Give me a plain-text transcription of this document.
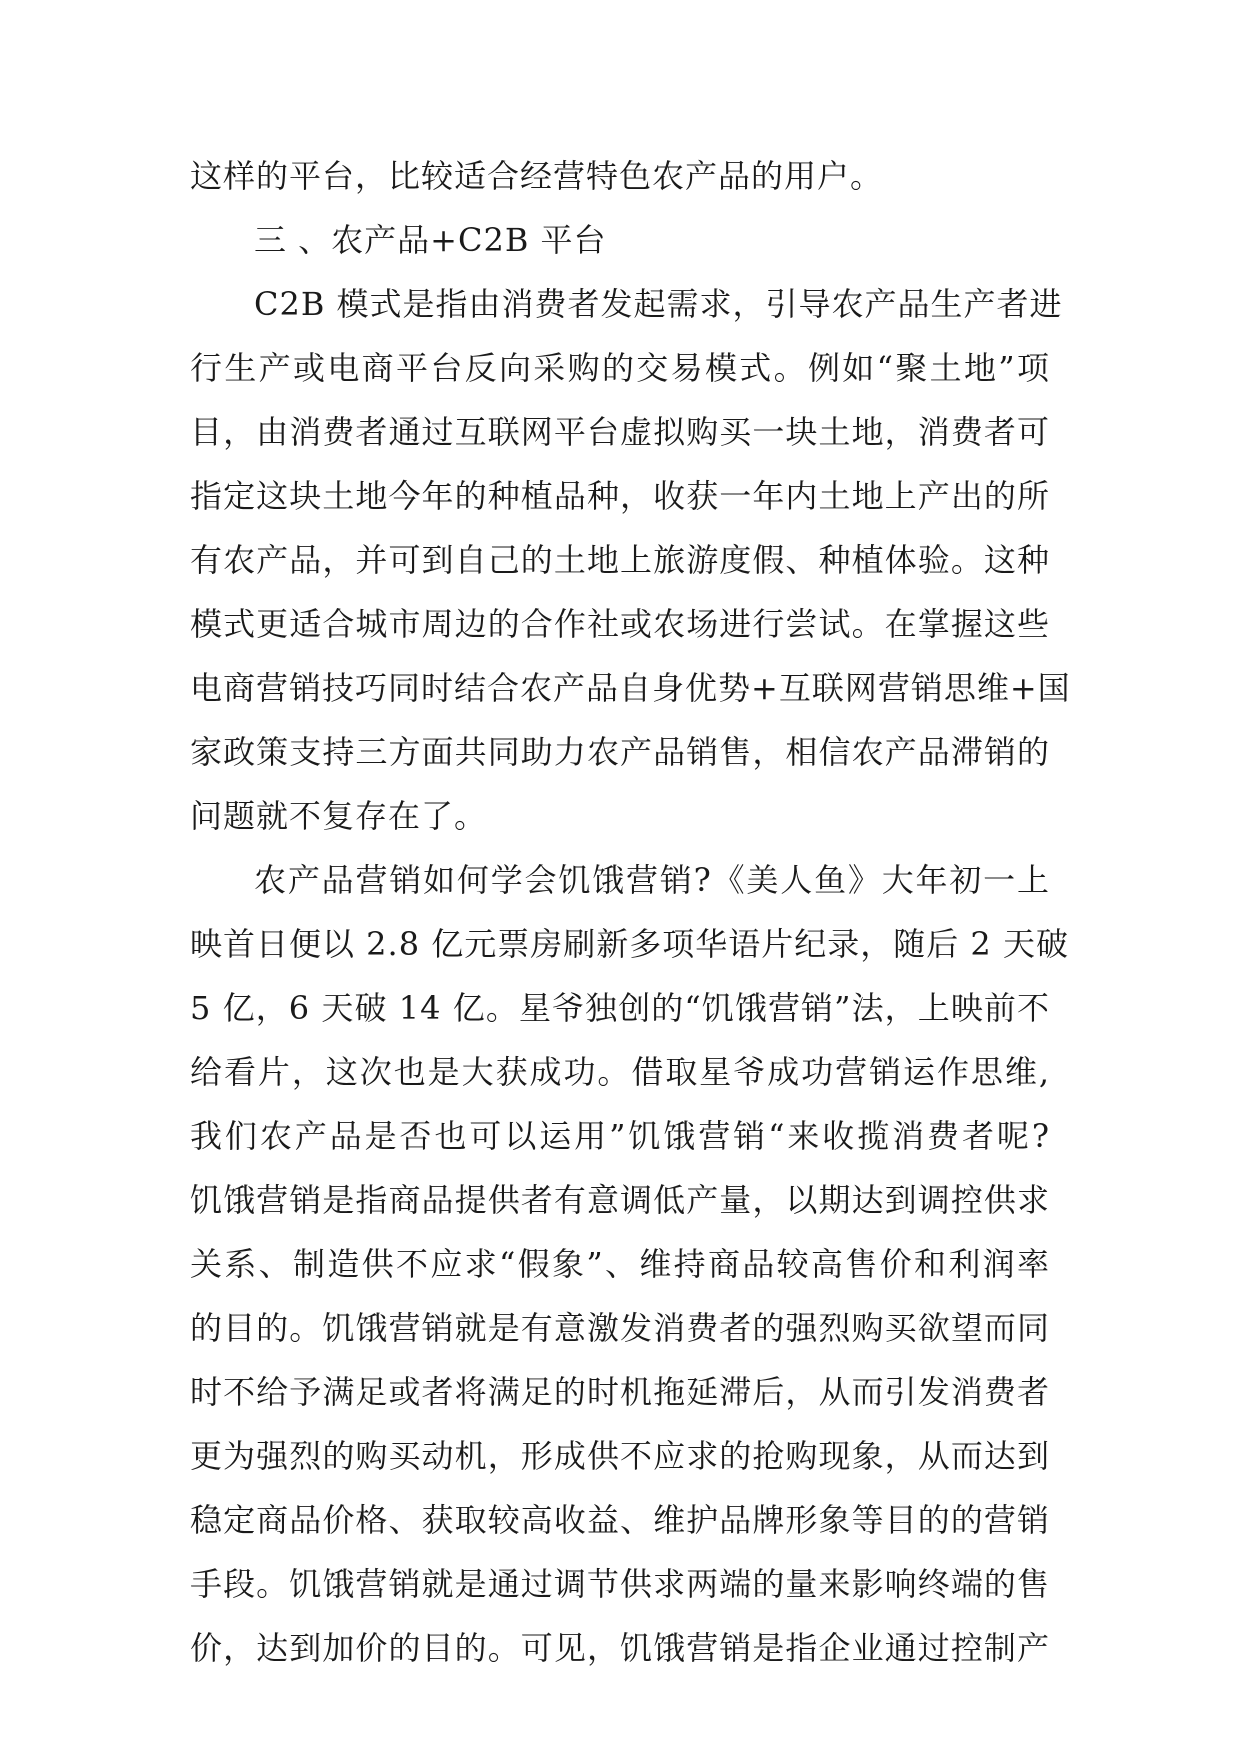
这样的平台，比较适合经营特色农产品的用户。
三 、农产品+C2B 平台
C2B 模式是指由消费者发起需求，引导农产品生产者进
行生产或电商平台反向采购的交易模式。例如“聚土地”项
目，由消费者通过互联网平台虚拟购买一块土地，消费者可
指定这块土地今年的种植品种，收获一年内土地上产出的所
有农产品，并可到自己的土地上旅游度假、种植体验。这种
模式更适合城市周边的合作社或农场进行尝试。在掌握这些
电商营销技巧同时结合农产品自身优势+互联网营销思维+国
家政策支持三方面共同助力农产品销售，相信农产品滞销的
问题就不复存在了。
农产品营销如何学会饥饿营销?《美人鱼》大年初一上
映首日便以 2.8 亿元票房刷新多项华语片纪录，随后 2 天破
5 亿，6 天破 14 亿。星爷独创的“饥饿营销”法，上映前不
给看片，这次也是大获成功。借取星爷成功营销运作思维,
我们农产品是否也可以运用”饥饿营销“来收揽消费者呢?
饥饿营销是指商品提供者有意调低产量，以期达到调控供求
关系、制造供不应求“假象”、维持商品较高售价和利润率
的目的。饥饿营销就是有意激发消费者的强烈购买欲望而同
时不给予满足或者将满足的时机拖延滞后，从而引发消费者
更为强烈的购买动机，形成供不应求的抢购现象，从而达到
稳定商品价格、获取较高收益、维护品牌形象等目的的营销
手段。饥饿营销就是通过调节供求两端的量来影响终端的售
价，达到加价的目的。可见，饥饿营销是指企业通过控制产
